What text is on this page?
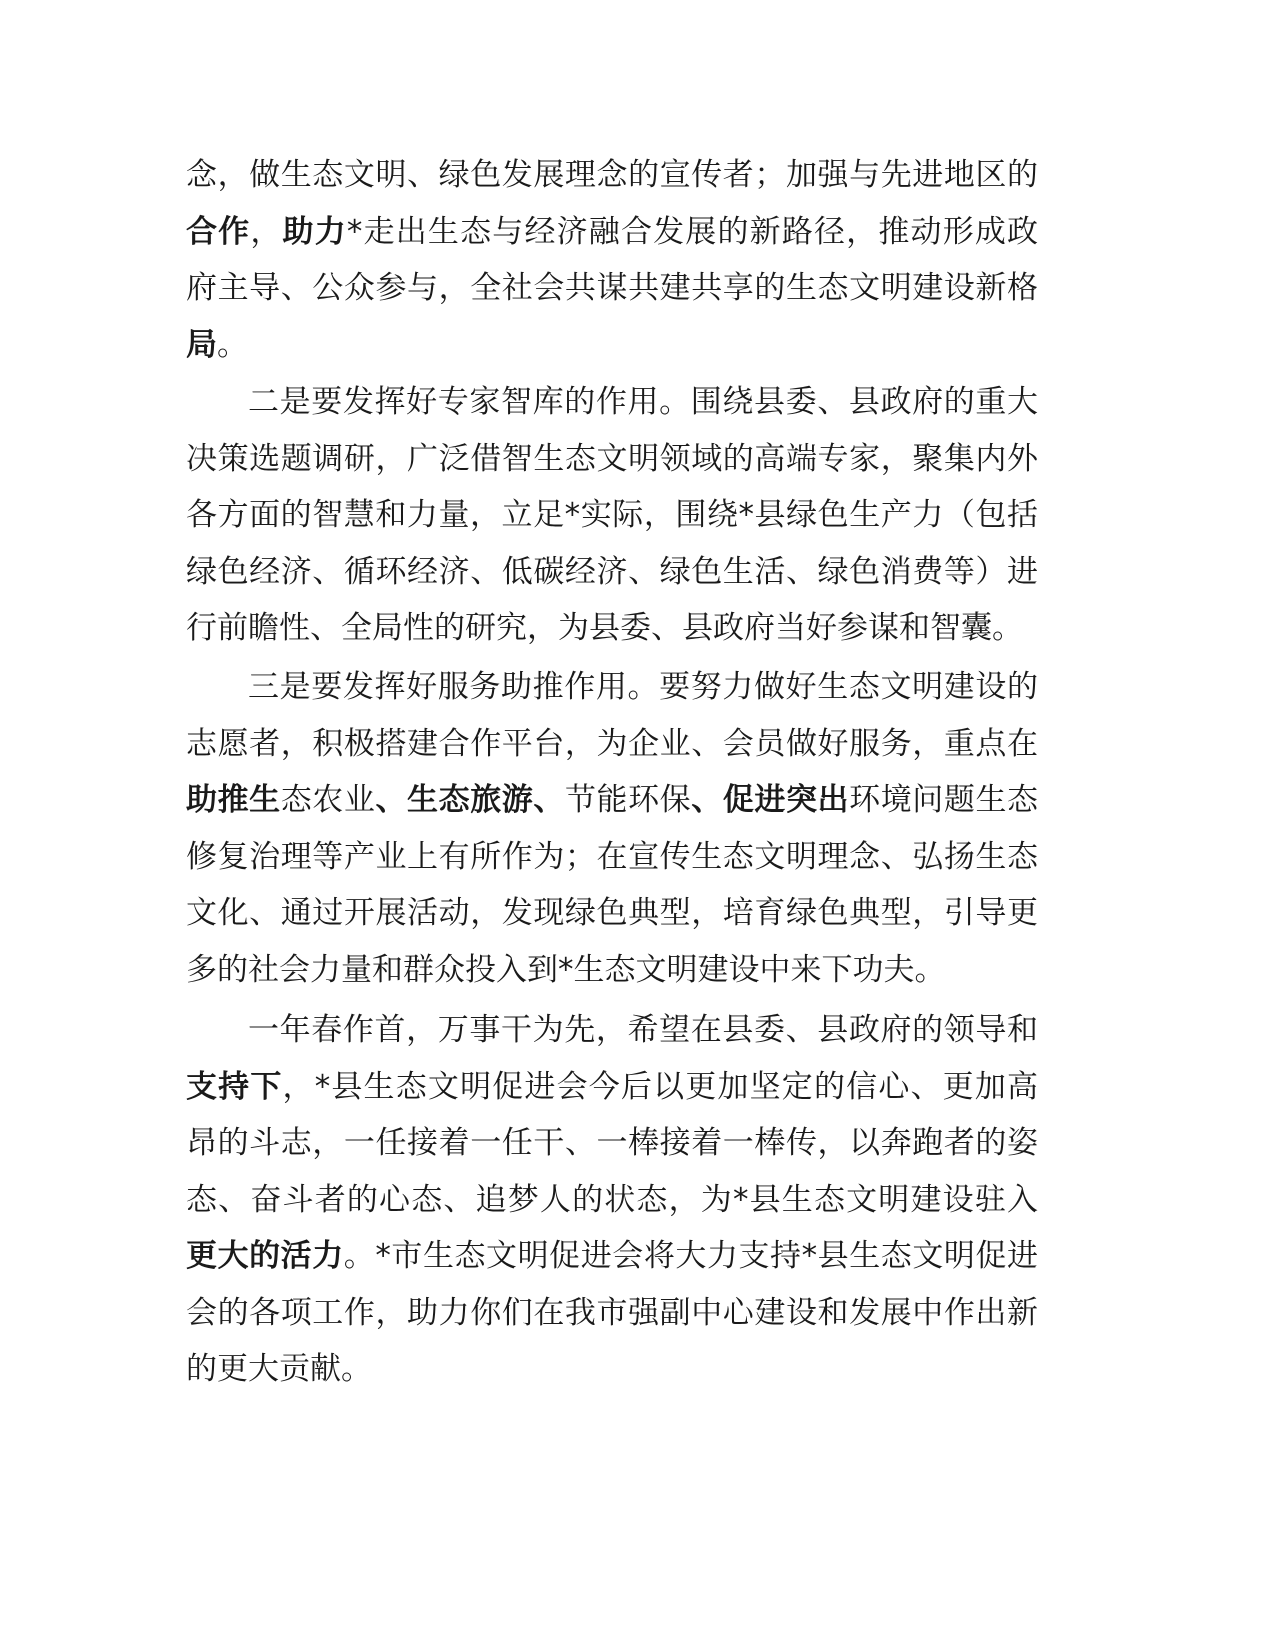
念，做生态文明、绿色发展理念的宣传者；加强与先进地区的
合作，助力*走出生态与经济融合发展的新路径，推动形成政
府主导、公众参与，全社会共谋共建共享的生态文明建设新格
局。
二是要发挥好专家智库的作用。围绕县委、县政府的重大
决策选题调研，广泛借智生态文明领域的高端专家，聚集内外
各方面的智慧和力量，立足*实际，围绕*县绿色生产力（包括
绿色经济、循环经济、低碳经济、绿色生活、绿色消费等）进
行前瞻性、全局性的研究，为县委、县政府当好参谋和智囊。
三是要发挥好服务助推作用。要努力做好生态文明建设的
志愿者，积极搭建合作平台，为企业、会员做好服务，重点在
助推生态农业、生态旅游、节能环保、促进突出环境问题生态
修复治理等产业上有所作为；在宣传生态文明理念、弘扬生态
文化、通过开展活动，发现绿色典型，培育绿色典型，引导更
多的社会力量和群众投入到*生态文明建设中来下功夫。
一年春作首，万事干为先，希望在县委、县政府的领导和
支持下，*县生态文明促进会今后以更加坚定的信心、更加高
昂的斗志，一任接着一任干、一棒接着一棒传，以奔跑者的姿
态、奋斗者的心态、追梦人的状态，为*县生态文明建设驻入
更大的活力。*市生态文明促进会将大力支持*县生态文明促进
会的各项工作，助力你们在我市强副中心建设和发展中作出新
的更大贡献。
